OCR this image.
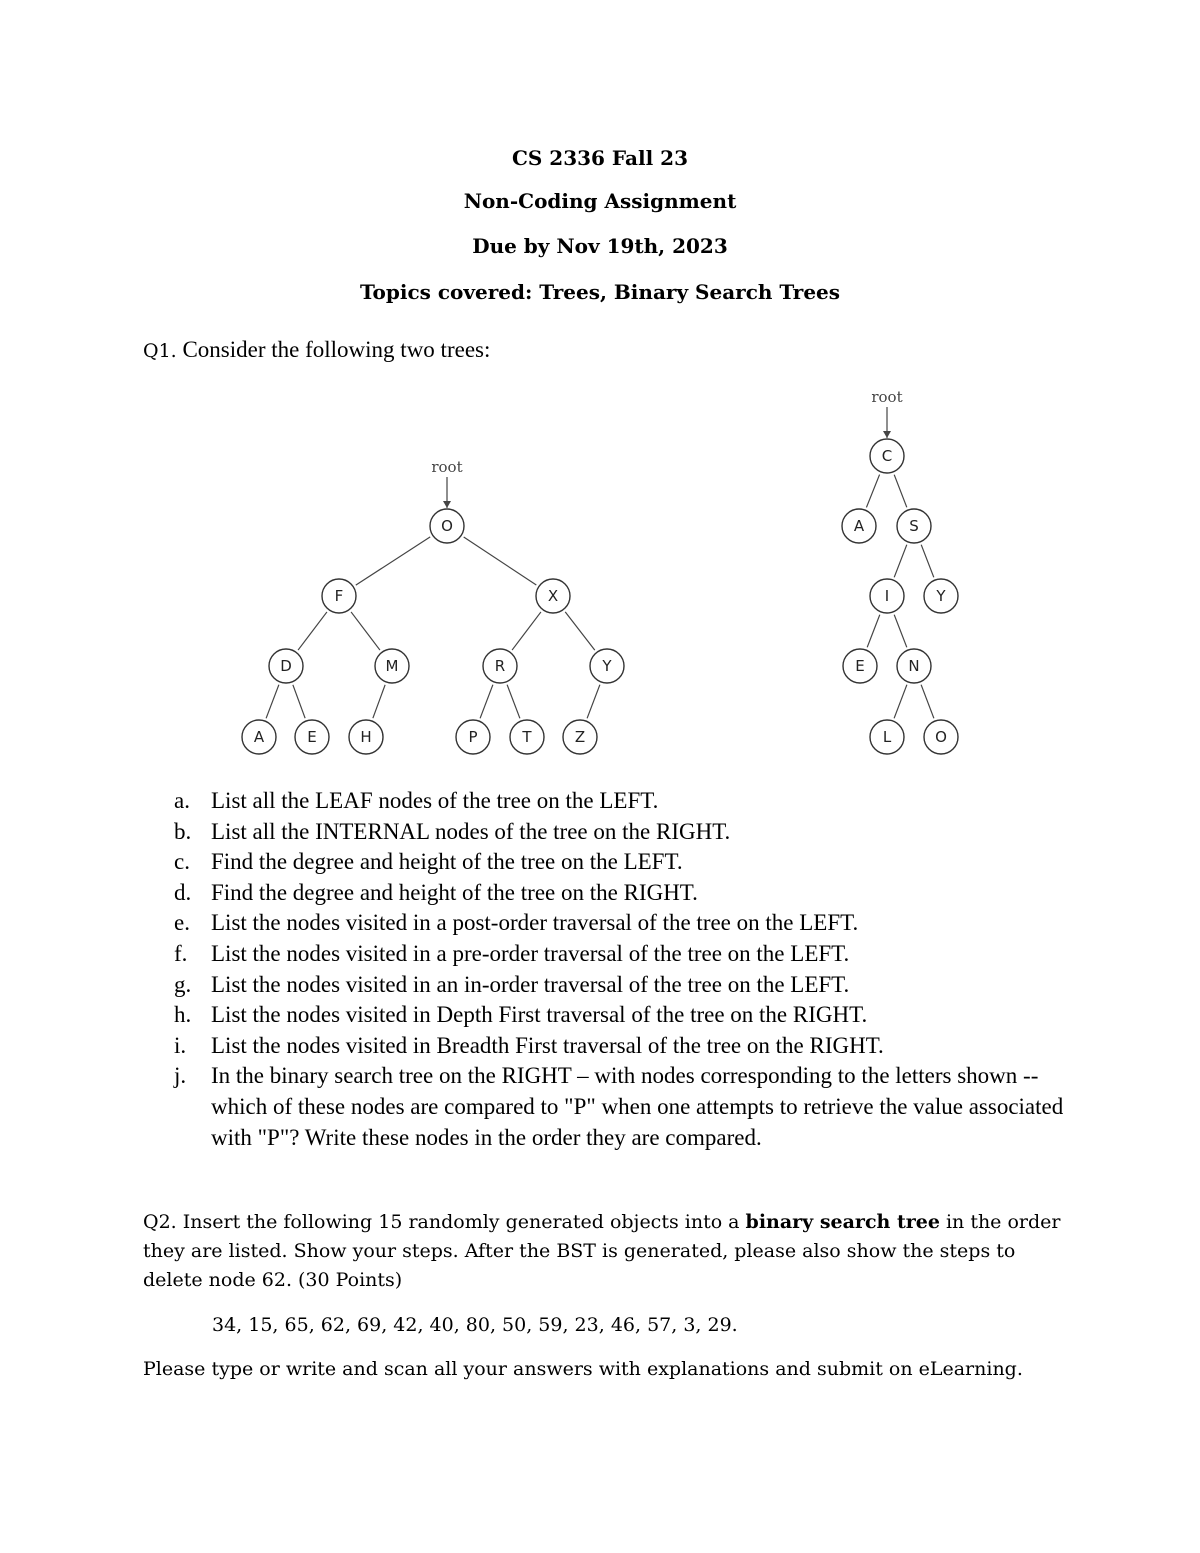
CS 2336 Fall 23
Non-Coding Assignment
Due by Nov 19th, 2023
Topics covered: Trees, Binary Search Trees
Q1. Consider the following two trees:
root
O
F	X
D	M	R	Y
A	E	H	P	T	Z
root
C
A	S
I	Y
E	N
L	O
a. List all the LEAF nodes of the tree on the LEFT.
b. List all the INTERNAL nodes of the tree on the RIGHT.
c. Find the degree and height of the tree on the LEFT.
d. Find the degree and height of the tree on the RIGHT.
e. List the nodes visited in a post-order traversal of the tree on the LEFT.
f. List the nodes visited in a pre-order traversal of the tree on the LEFT.
g. List the nodes visited in an in-order traversal of the tree on the LEFT.
h. List the nodes visited in Depth First traversal of the tree on the RIGHT.
i. List the nodes visited in Breadth First traversal of the tree on the RIGHT.
j. In the binary search tree on the RIGHT – with nodes corresponding to the letters shown -- which of these nodes are compared to "P" when one attempts to retrieve the value associated with "P"? Write these nodes in the order they are compared.
Q2. Insert the following 15 randomly generated objects into a binary search tree in the order they are listed. Show your steps. After the BST is generated, please also show the steps to delete node 62. (30 Points)
34, 15, 65, 62, 69, 42, 40, 80, 50, 59, 23, 46, 57, 3, 29.
Please type or write and scan all your answers with explanations and submit on eLearning.
